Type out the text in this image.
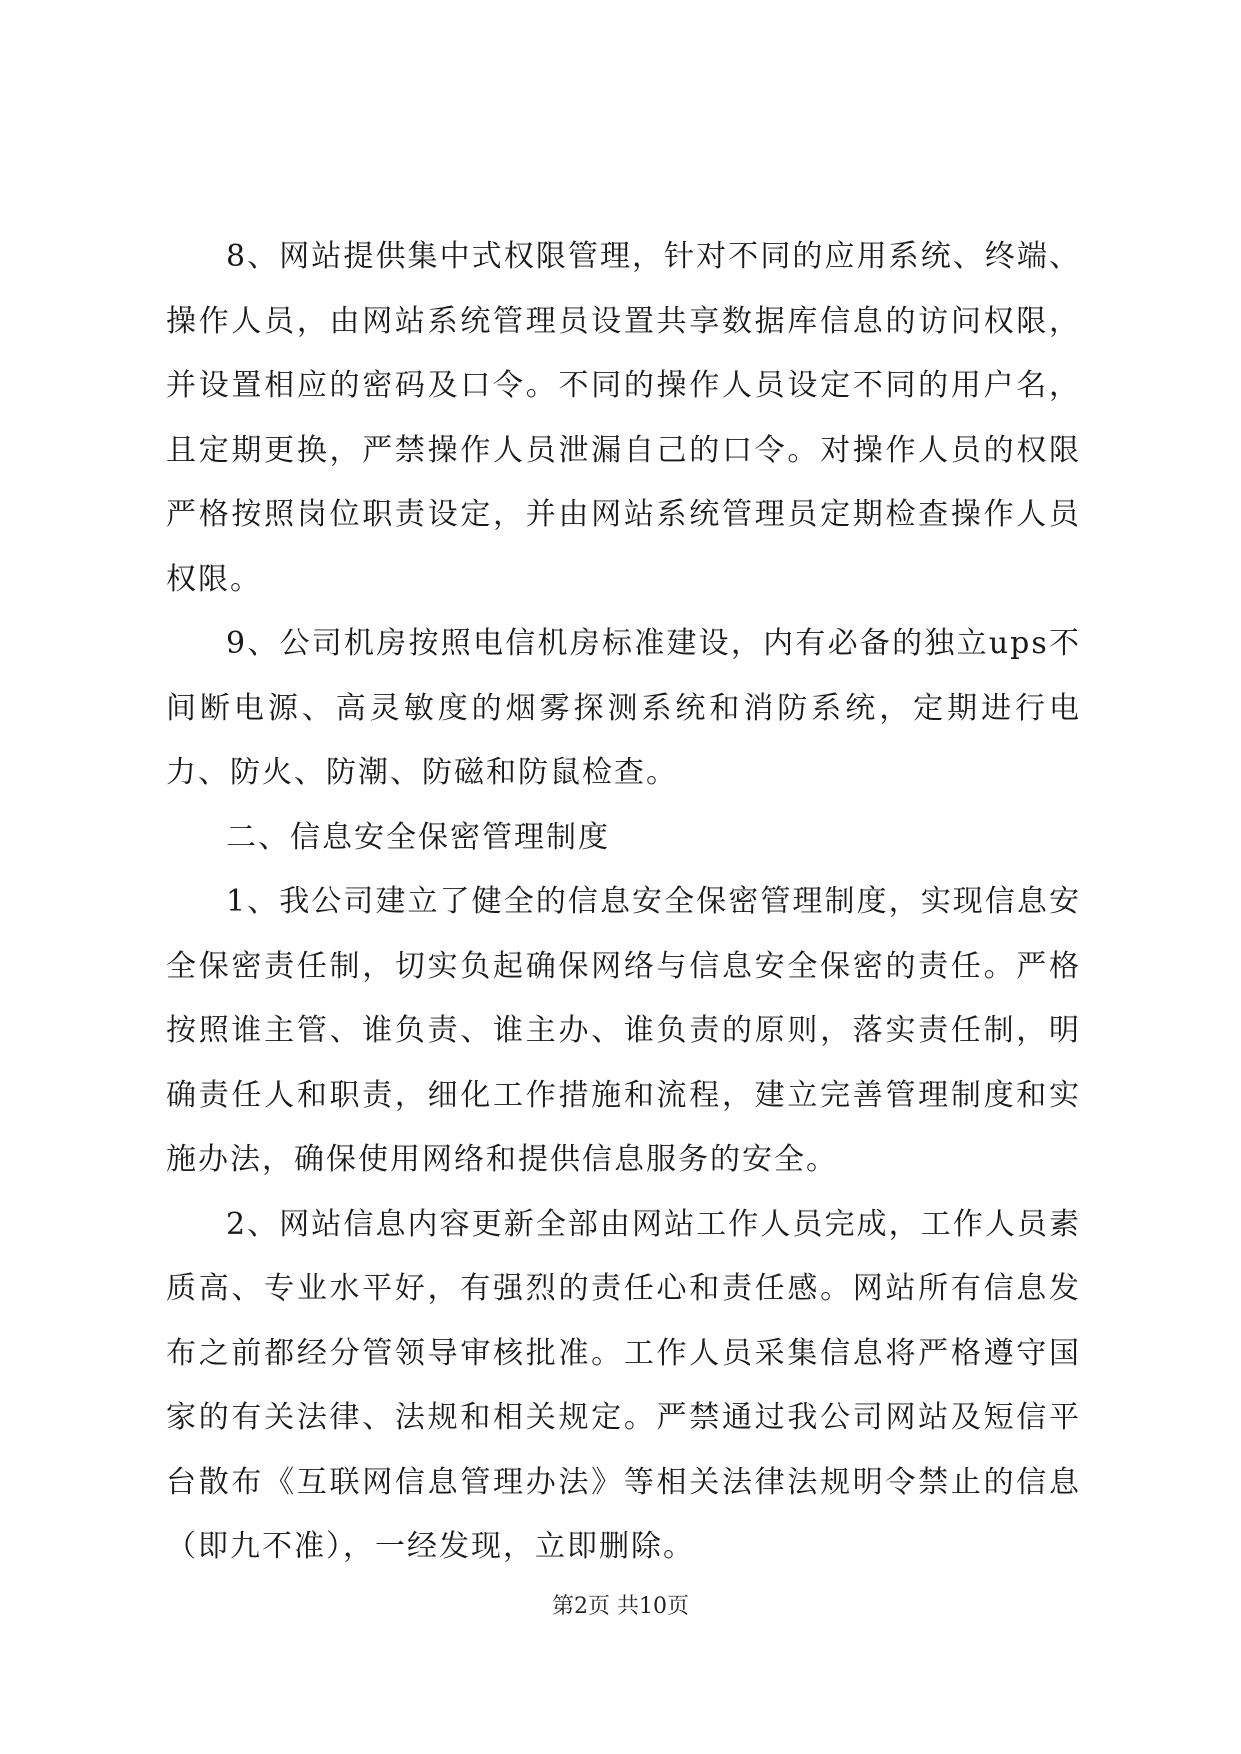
8、网站提供集中式权限管理，针对不同的应用系统、终端、操作人员，由网站系统管理员设置共享数据库信息的访问权限，并设置相应的密码及口令。不同的操作人员设定不同的用户名，且定期更换，严禁操作人员泄漏自己的口令。对操作人员的权限严格按照岗位职责设定，并由网站系统管理员定期检查操作人员权限。

9、公司机房按照电信机房标准建设，内有必备的独立ups不间断电源、高灵敏度的烟雾探测系统和消防系统，定期进行电力、防火、防潮、防磁和防鼠检查。

二、信息安全保密管理制度

1、我公司建立了健全的信息安全保密管理制度，实现信息安全保密责任制，切实负起确保网络与信息安全保密的责任。严格按照谁主管、谁负责、谁主办、谁负责的原则，落实责任制，明确责任人和职责，细化工作措施和流程，建立完善管理制度和实施办法，确保使用网络和提供信息服务的安全。

2、网站信息内容更新全部由网站工作人员完成，工作人员素质高、专业水平好，有强烈的责任心和责任感。网站所有信息发布之前都经分管领导审核批准。工作人员采集信息将严格遵守国家的有关法律、法规和相关规定。严禁通过我公司网站及短信平台散布《互联网信息管理办法》等相关法律法规明令禁止的信息（即九不准），一经发现，立即删除。

第2页 共10页
